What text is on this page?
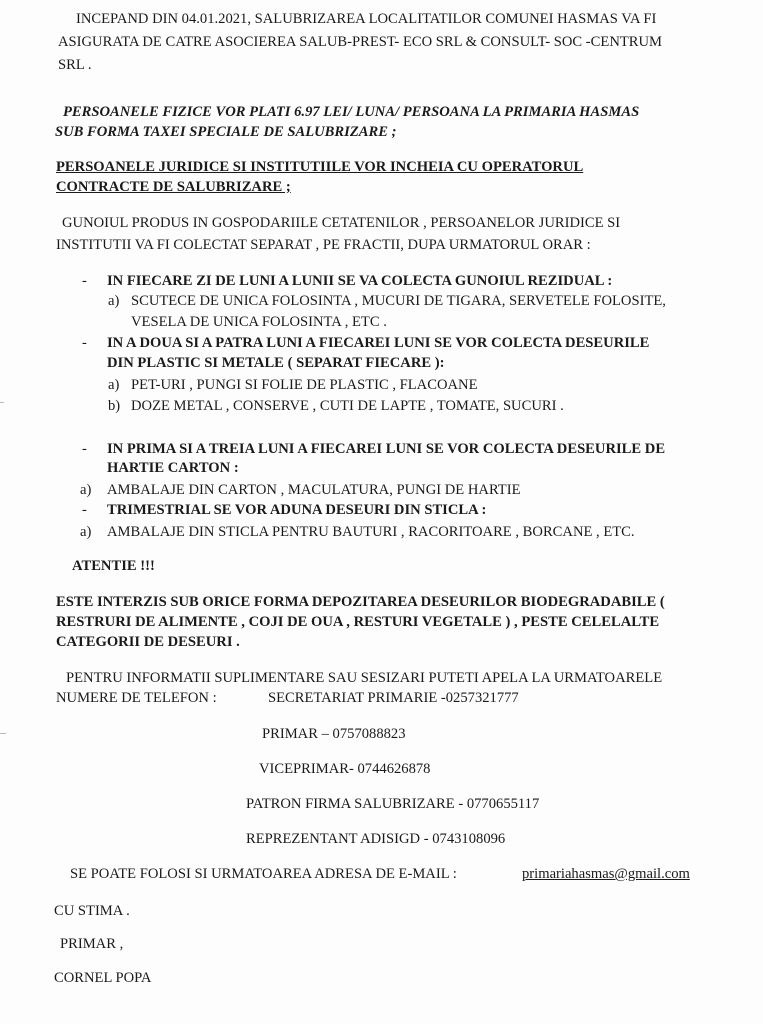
INCEPAND DIN 04.01.2021, SALUBRIZAREA LOCALITATILOR COMUNEI HASMAS VA FI
ASIGURATA DE CATRE ASOCIEREA SALUB-PREST- ECO SRL & CONSULT- SOC -CENTRUM
SRL .
PERSOANELE FIZICE VOR PLATI 6.97 LEI/ LUNA/ PERSOANA LA PRIMARIA HASMAS
SUB FORMA TAXEI SPECIALE DE SALUBRIZARE ;
PERSOANELE JURIDICE SI INSTITUTIILE VOR INCHEIA CU OPERATORUL
CONTRACTE DE SALUBRIZARE ;
GUNOIUL PRODUS IN GOSPODARIILE CETATENILOR , PERSOANELOR JURIDICE SI
INSTITUTII VA FI COLECTAT SEPARAT , PE FRACTII, DUPA URMATORUL ORAR :
- IN FIECARE ZI DE LUNI A LUNII SE VA COLECTA GUNOIUL REZIDUAL :
a) SCUTECE DE UNICA FOLOSINTA , MUCURI DE TIGARA, SERVETELE FOLOSITE,
VESELA DE UNICA FOLOSINTA , ETC .
- IN A DOUA SI A PATRA LUNI A FIECAREI LUNI SE VOR COLECTA DESEURILE
DIN PLASTIC SI METALE ( SEPARAT FIECARE ):
a) PET-URI , PUNGI SI FOLIE DE PLASTIC , FLACOANE
b) DOZE METAL , CONSERVE , CUTI DE LAPTE , TOMATE, SUCURI .
- IN PRIMA SI A TREIA LUNI A FIECAREI LUNI SE VOR COLECTA DESEURILE DE
HARTIE CARTON :
a) AMBALAJE DIN CARTON , MACULATURA, PUNGI DE HARTIE
- TRIMESTRIAL SE VOR ADUNA DESEURI DIN STICLA :
a) AMBALAJE DIN STICLA PENTRU BAUTURI , RACORITOARE , BORCANE , ETC.
ATENTIE !!!
ESTE INTERZIS SUB ORICE FORMA DEPOZITAREA DESEURILOR BIODEGRADABILE (
RESTRURI DE ALIMENTE , COJI DE OUA , RESTURI VEGETALE ) , PESTE CELELALTE
CATEGORII DE DESEURI .
PENTRU INFORMATII SUPLIMENTARE SAU SESIZARI PUTETI APELA LA URMATOARELE
NUMERE DE TELEFON :	SECRETARIAT PRIMARIE -0257321777
PRIMAR – 0757088823
VICEPRIMAR- 0744626878
PATRON FIRMA SALUBRIZARE - 0770655117
REPREZENTANT ADISIGD - 0743108096
SE POATE FOLOSI SI URMATOAREA ADRESA DE E-MAIL :	primariahasmas@gmail.com
CU STIMA .
PRIMAR ,
CORNEL POPA
